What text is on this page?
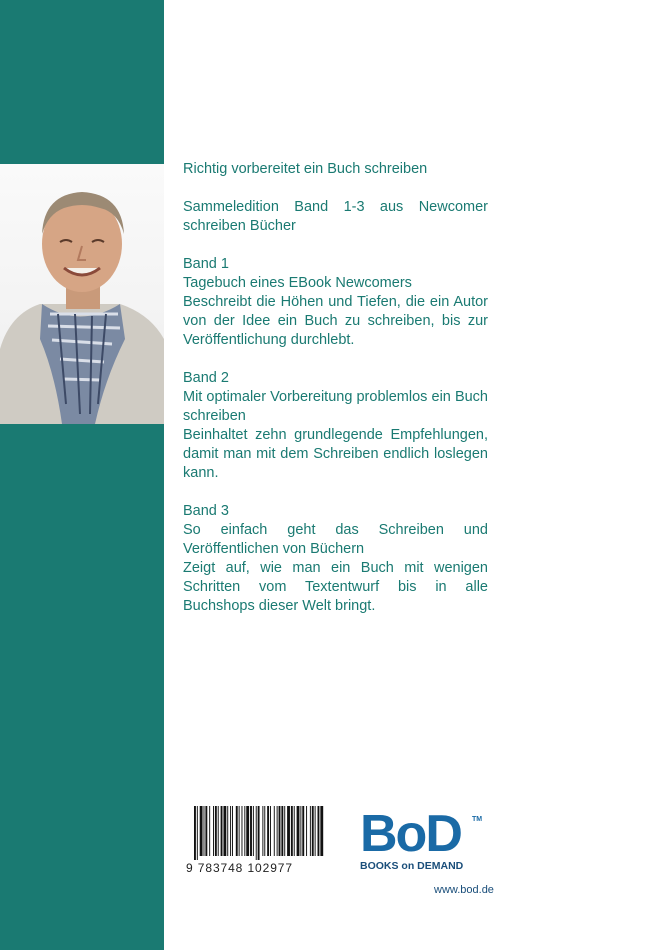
Richtig vorbereitet ein Buch schreiben

Sammeledition Band 1-3 aus Newcomer schreiben Bücher

Band 1

Tagebuch eines EBook Newcomers

Beschreibt die Höhen und Tiefen, die ein Autor von der Idee ein Buch zu schreiben, bis zur Veröffentlichung durchlebt.

Band 2

Mit optimaler Vorbereitung problemlos ein Buch schreiben

Beinhaltet zehn grundlegende Empfehlungen, damit man mit dem Schreiben endlich loslegen kann.

Band 3

So einfach geht das Schreiben und Veröffentlichen von Büchern

Zeigt auf, wie man ein Buch mit wenigen Schritten vom Textentwurf bis in alle Buchshops dieser Welt bringt.

9 783748 102977
BoD TM
BOOKS on DEMAND
www.bod.de
